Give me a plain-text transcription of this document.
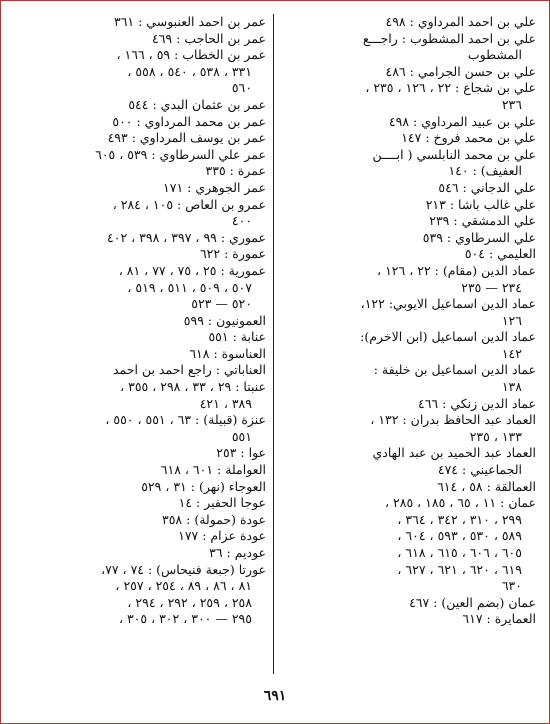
علي بن احمد المرداوي : ٤٩٨
علي بن احمد المشطوب : راجـــع
المشطوب
علي بن حسن الجرامي : ٤٨٦
علي بن شجاع : ٢٢ ، ١٢٦ ، ٢٣٥ ،
٢٣٦
علي بن عبيد المرداوي : ٤٩٨
علي بن محمد فروخ : ١٤٧
علي بن محمد النابلسي ( ابــــن
العفيف) : ١٤٠
علي الدجاني : ٥٤٦
علي غالب باشا : ٢١٣
علي الدمشقي : ٢٣٩
علي السرطاوي : ٥٣٩
العليمي : ٥٠٤
عماد الدين (مقام) : ٢٢ ، ١٢٦ ،
٢٣٤ — ٢٣٥
عماد الدين اسماعيل الايوبي: ١٢٢،
١٢٦
عماد الدين اسماعيل (ابن الاخرم):
١٤٢
عماد الدين اسماعيل بن خليفة :
١٣٨
عماد الدين زنكي : ٤٦٦
العماد عبد الحافظ بدران : ١٣٢ ،
١٣٣ ، ٢٣٥
العماد عبد الحميد بن عبد الهادي
الجماعيني : ٤٧٤
العمالقة : ٥٨ ، ٦١٤
عمان : ١١ ، ٦٥ ، ١٨٥ ، ٢٨٥ ،
٢٩٩ ، ٣١٠ ، ٣٤٢ ، ٣٦٤ ،
٥٨٩ ، ٥٣٠ ، ٥٩٣ ، ٦٠٤ ،
٦٠٥ ، ٦٠٦ ، ٦١٥ ، ٦١٨ ،
٦١٩ ، ٦٢٠ ، ٦٢١ ، ٦٢٧ ،
٦٣٠
عمان (بضم العين) : ٤٦٧
العمايرة : ٦١٧
عمر بن احمد العنبوسي : ٣٦١
عمر بن الحاجب : ٤٦٩
عمر بن الخطاب : ٥٩ ، ١٦٦ ،
٣٣١ ، ٥٣٨ ، ٥٤٠ ، ٥٥٨ ،
٥٦٠
عمر بن عثمان البدي : ٥٤٤
عمر بن محمد المرداوي : ٥٠٠
عمر بن يوسف المرداوي : ٤٩٣
عمر علي السرطاوي : ٥٣٩ ، ٦٠٥
عمرة : ٣٣٥
عمر الجوهري : ١٧١
عمرو بن العاص : ١٠٥ ، ٢٨٤ ،
٤٠٠
عموري : ٩٩ ، ٣٩٧ ، ٣٩٨ ، ٤٠٢
عمورة : ٦٢٢
عمورية : ٢٥ ، ٧٥ ، ٧٧ ، ٨١ ،
٥٠٧ ، ٥٠٩ ، ٥١١ ، ٥١٩ ،
٥٢٠ — ٥٢٣
العمونيون : ٥٩٩
عنابة : ٥٥١
العناسوة : ٦١٨
العناباتي : راجع احمد بن احمد
عنبتا : ٢٩ ، ٣٣ ، ٢٩٨ ، ٣٥٥ ،
٣٨٩ ، ٤٢١
عنزة (قبيلة) : ٦٣ ، ٥٥١ ، ٥٥٠ ،
٥٥١
عوا : ٢٥٣
العواملة : ٦٠١ ، ٦١٨
العوجاء (نهر) : ٣١ ، ٥٢٩
عوجا الحفير : ١٤
عودة (حمولة) : ٣٥٨
عودة عزام : ١٧٧
عوديم : ٣٦
عورتا (جبعة فنيحاس) : ٧٤ ، ٧٧،
٨١ ، ٨٦ ، ٨٩ ، ٢٥٤ ، ٢٥٧ ،
٢٥٨ ، ٢٥٩ ، ٢٩٢ ، ٢٩٤ ،
٢٩٥ — ٣٠٠ ، ٣٠٢ ، ٣٠٥ ،
٦٩١
